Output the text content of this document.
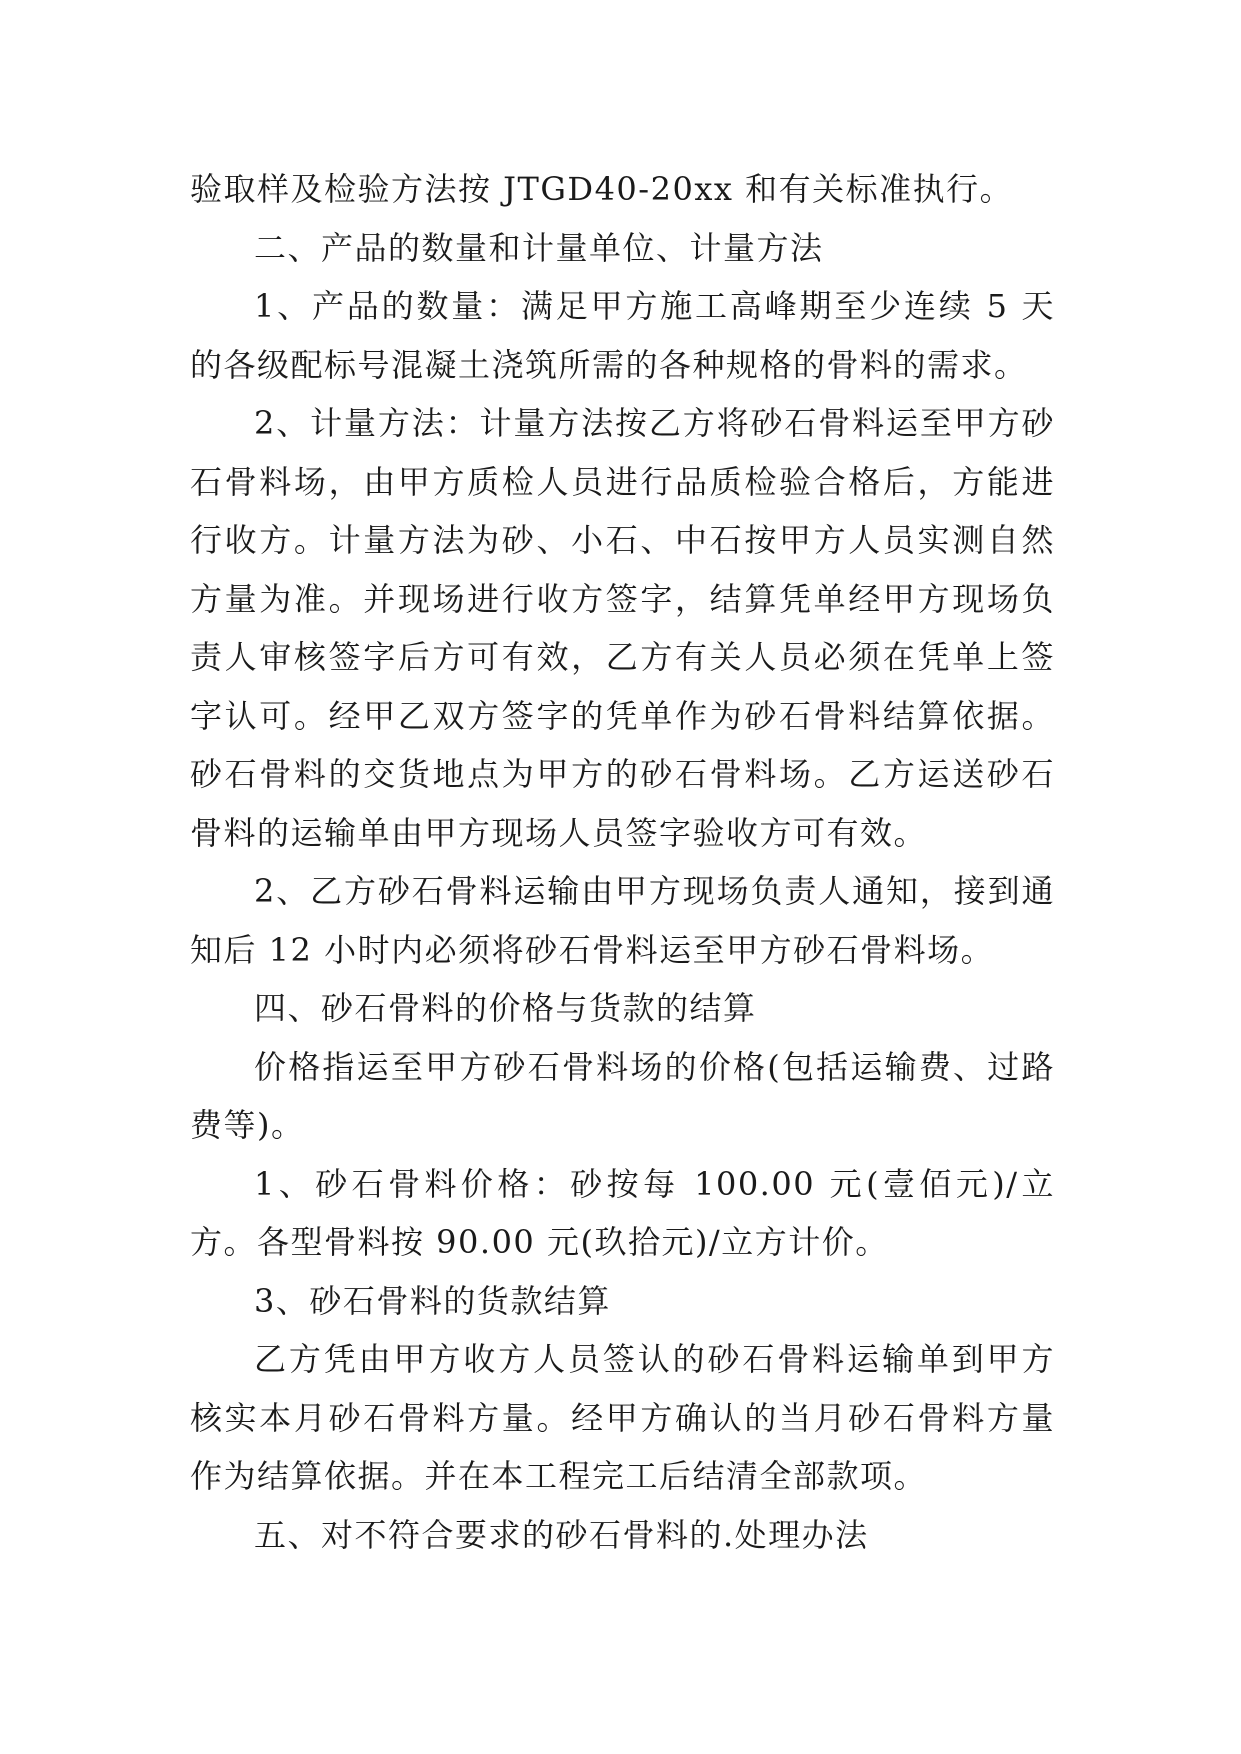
验取样及检验方法按 JTGD40-20xx 和有关标准执行。

二、产品的数量和计量单位、计量方法

1、产品的数量：满足甲方施工高峰期至少连续 5 天的各级配标号混凝土浇筑所需的各种规格的骨料的需求。

2、计量方法：计量方法按乙方将砂石骨料运至甲方砂石骨料场，由甲方质检人员进行品质检验合格后，方能进行收方。计量方法为砂、小石、中石按甲方人员实测自然方量为准。并现场进行收方签字，结算凭单经甲方现场负责人审核签字后方可有效，乙方有关人员必须在凭单上签字认可。经甲乙双方签字的凭单作为砂石骨料结算依据。砂石骨料的交货地点为甲方的砂石骨料场。乙方运送砂石骨料的运输单由甲方现场人员签字验收方可有效。

2、乙方砂石骨料运输由甲方现场负责人通知，接到通知后 12 小时内必须将砂石骨料运至甲方砂石骨料场。

四、砂石骨料的价格与货款的结算

价格指运至甲方砂石骨料场的价格(包括运输费、过路费等)。

1、砂石骨料价格：砂按每 100.00 元(壹佰元)/立方。各型骨料按 90.00 元(玖拾元)/立方计价。

3、砂石骨料的货款结算

乙方凭由甲方收方人员签认的砂石骨料运输单到甲方核实本月砂石骨料方量。经甲方确认的当月砂石骨料方量作为结算依据。并在本工程完工后结清全部款项。

五、对不符合要求的砂石骨料的.处理办法
